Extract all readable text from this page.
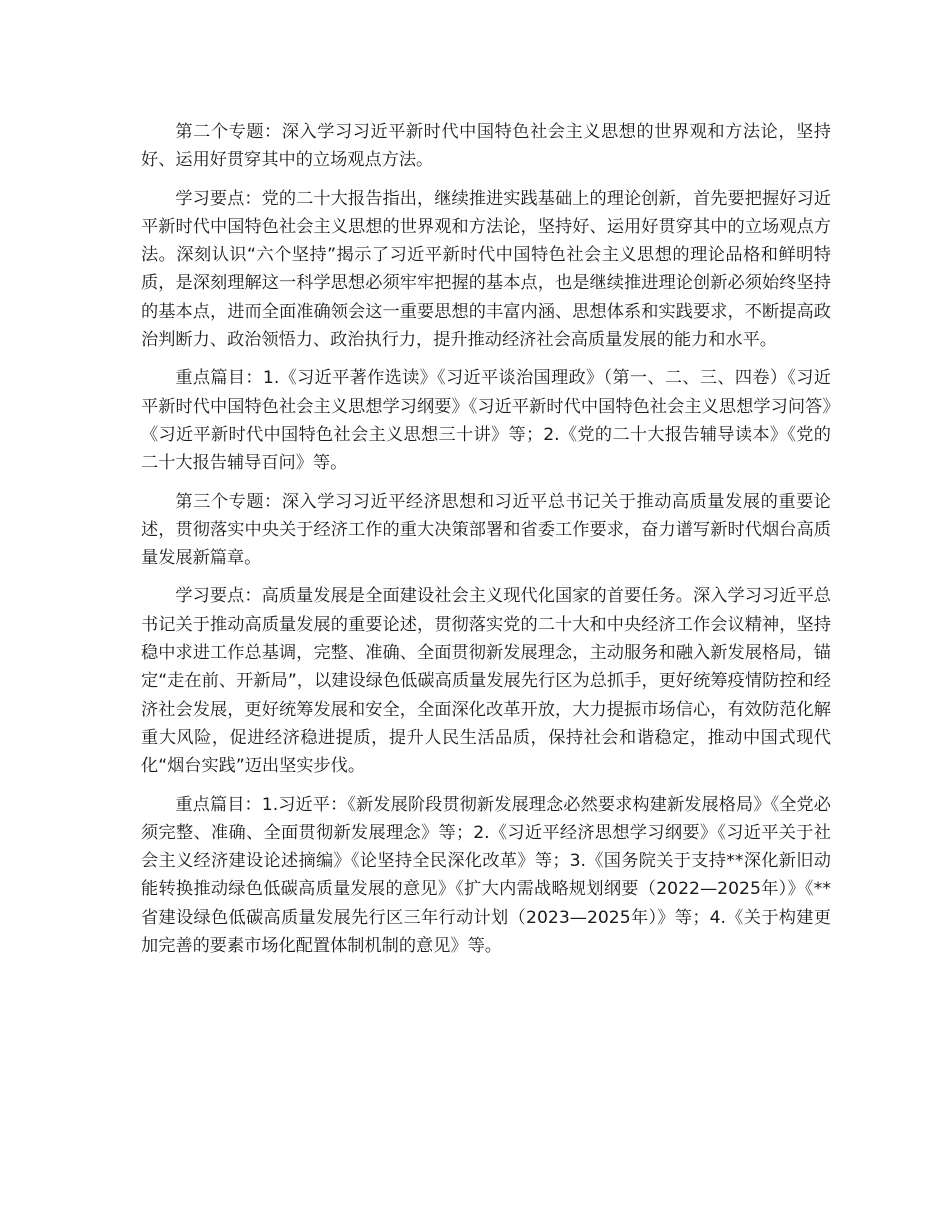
第二个专题：深入学习习近平新时代中国特色社会主义思想的世界观和方法论，坚持好、运用好贯穿其中的立场观点方法。

学习要点：党的二十大报告指出，继续推进实践基础上的理论创新，首先要把握好习近平新时代中国特色社会主义思想的世界观和方法论，坚持好、运用好贯穿其中的立场观点方法。深刻认识“六个坚持”揭示了习近平新时代中国特色社会主义思想的理论品格和鲜明特质，是深刻理解这一科学思想必须牢牢把握的基本点，也是继续推进理论创新必须始终坚持的基本点，进而全面准确领会这一重要思想的丰富内涵、思想体系和实践要求，不断提高政治判断力、政治领悟力、政治执行力，提升推动经济社会高质量发展的能力和水平。

重点篇目：1.《习近平著作选读》《习近平谈治国理政》（第一、二、三、四卷）《习近平新时代中国特色社会主义思想学习纲要》《习近平新时代中国特色社会主义思想学习问答》《习近平新时代中国特色社会主义思想三十讲》等；2.《党的二十大报告辅导读本》《党的二十大报告辅导百问》等。

第三个专题：深入学习习近平经济思想和习近平总书记关于推动高质量发展的重要论述，贯彻落实中央关于经济工作的重大决策部署和省委工作要求，奋力谱写新时代烟台高质量发展新篇章。

学习要点：高质量发展是全面建设社会主义现代化国家的首要任务。深入学习习近平总书记关于推动高质量发展的重要论述，贯彻落实党的二十大和中央经济工作会议精神，坚持稳中求进工作总基调，完整、准确、全面贯彻新发展理念，主动服务和融入新发展格局，锚定“走在前、开新局”，以建设绿色低碳高质量发展先行区为总抓手，更好统筹疫情防控和经济社会发展，更好统筹发展和安全，全面深化改革开放，大力提振市场信心，有效防范化解重大风险，促进经济稳进提质，提升人民生活品质，保持社会和谐稳定，推动中国式现代化“烟台实践”迈出坚实步伐。

重点篇目：1.习近平：《新发展阶段贯彻新发展理念必然要求构建新发展格局》《全党必须完整、准确、全面贯彻新发展理念》等；2.《习近平经济思想学习纲要》《习近平关于社会主义经济建设论述摘编》《论坚持全民深化改革》等；3.《国务院关于支持**深化新旧动能转换推动绿色低碳高质量发展的意见》《扩大内需战略规划纲要（2022—2025年）》《**省建设绿色低碳高质量发展先行区三年行动计划（2023—2025年）》等；4.《关于构建更加完善的要素市场化配置体制机制的意见》等。
